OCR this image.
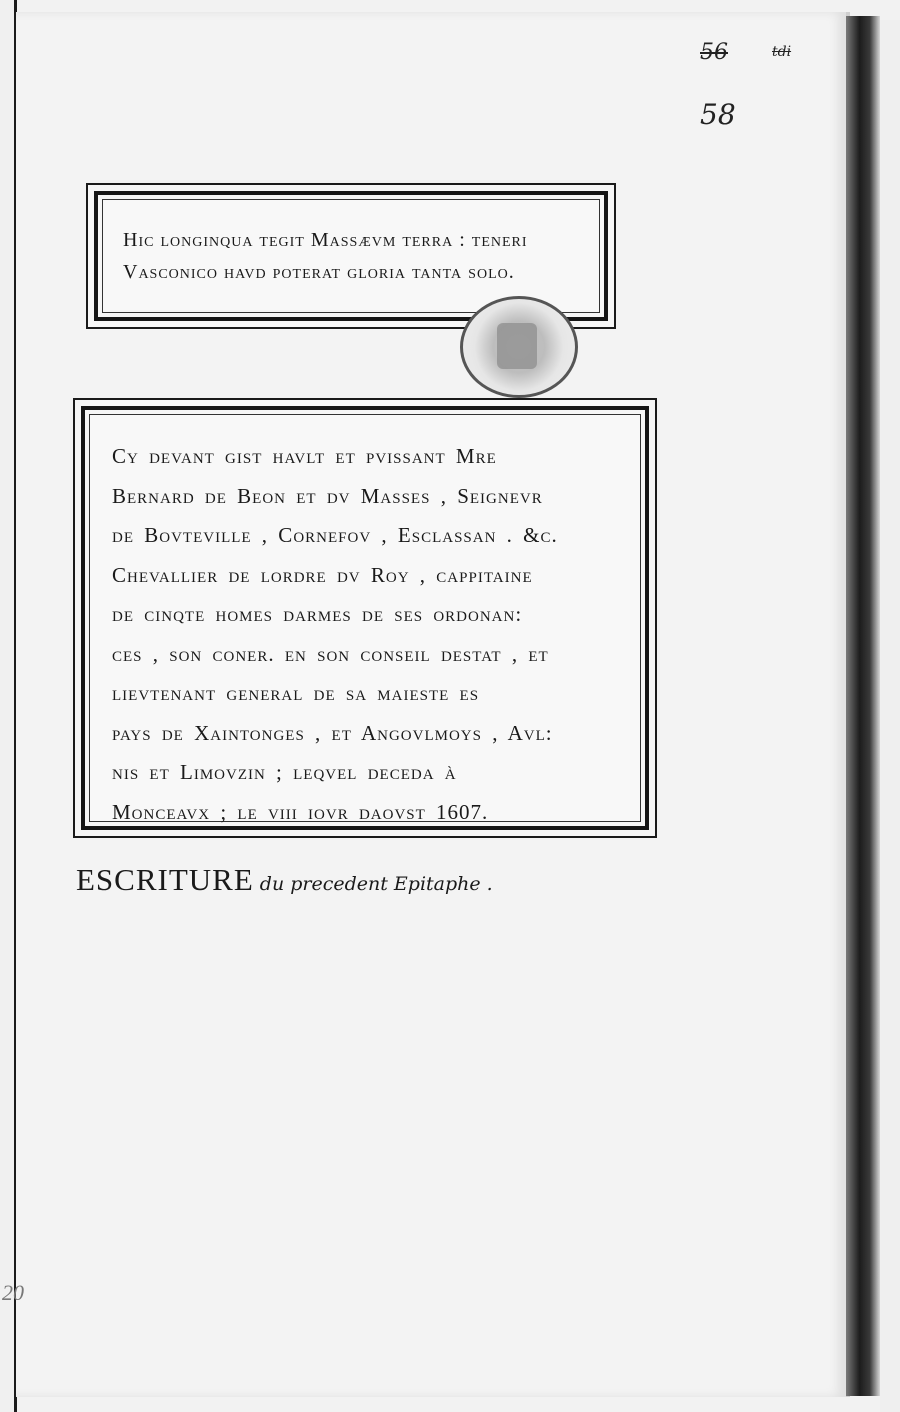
56	tdi
58
20
Hic longinqua tegit Massævm terra : teneri
Vasconico havd poterat gloria tanta solo.
Cy devant gist havlt et pvissant Mre
Bernard de Beon et dv Masses , Seignevr
de Bovteville , Cornefov , Esclassan . &c.
Chevallier de lordre dv Roy , cappitaine
de cinqte homes darmes de ses ordonan:
ces , son coner. en son conseil destat , et
lievtenant general de sa maieste es
pays de Xaintonges , et Angovlmoys , Avl:
nis et Limovzin ; leqvel deceda à
Monceavx ; le viii iovr daovst 1607.
ESCRITURE du precedent Epitaphe .
